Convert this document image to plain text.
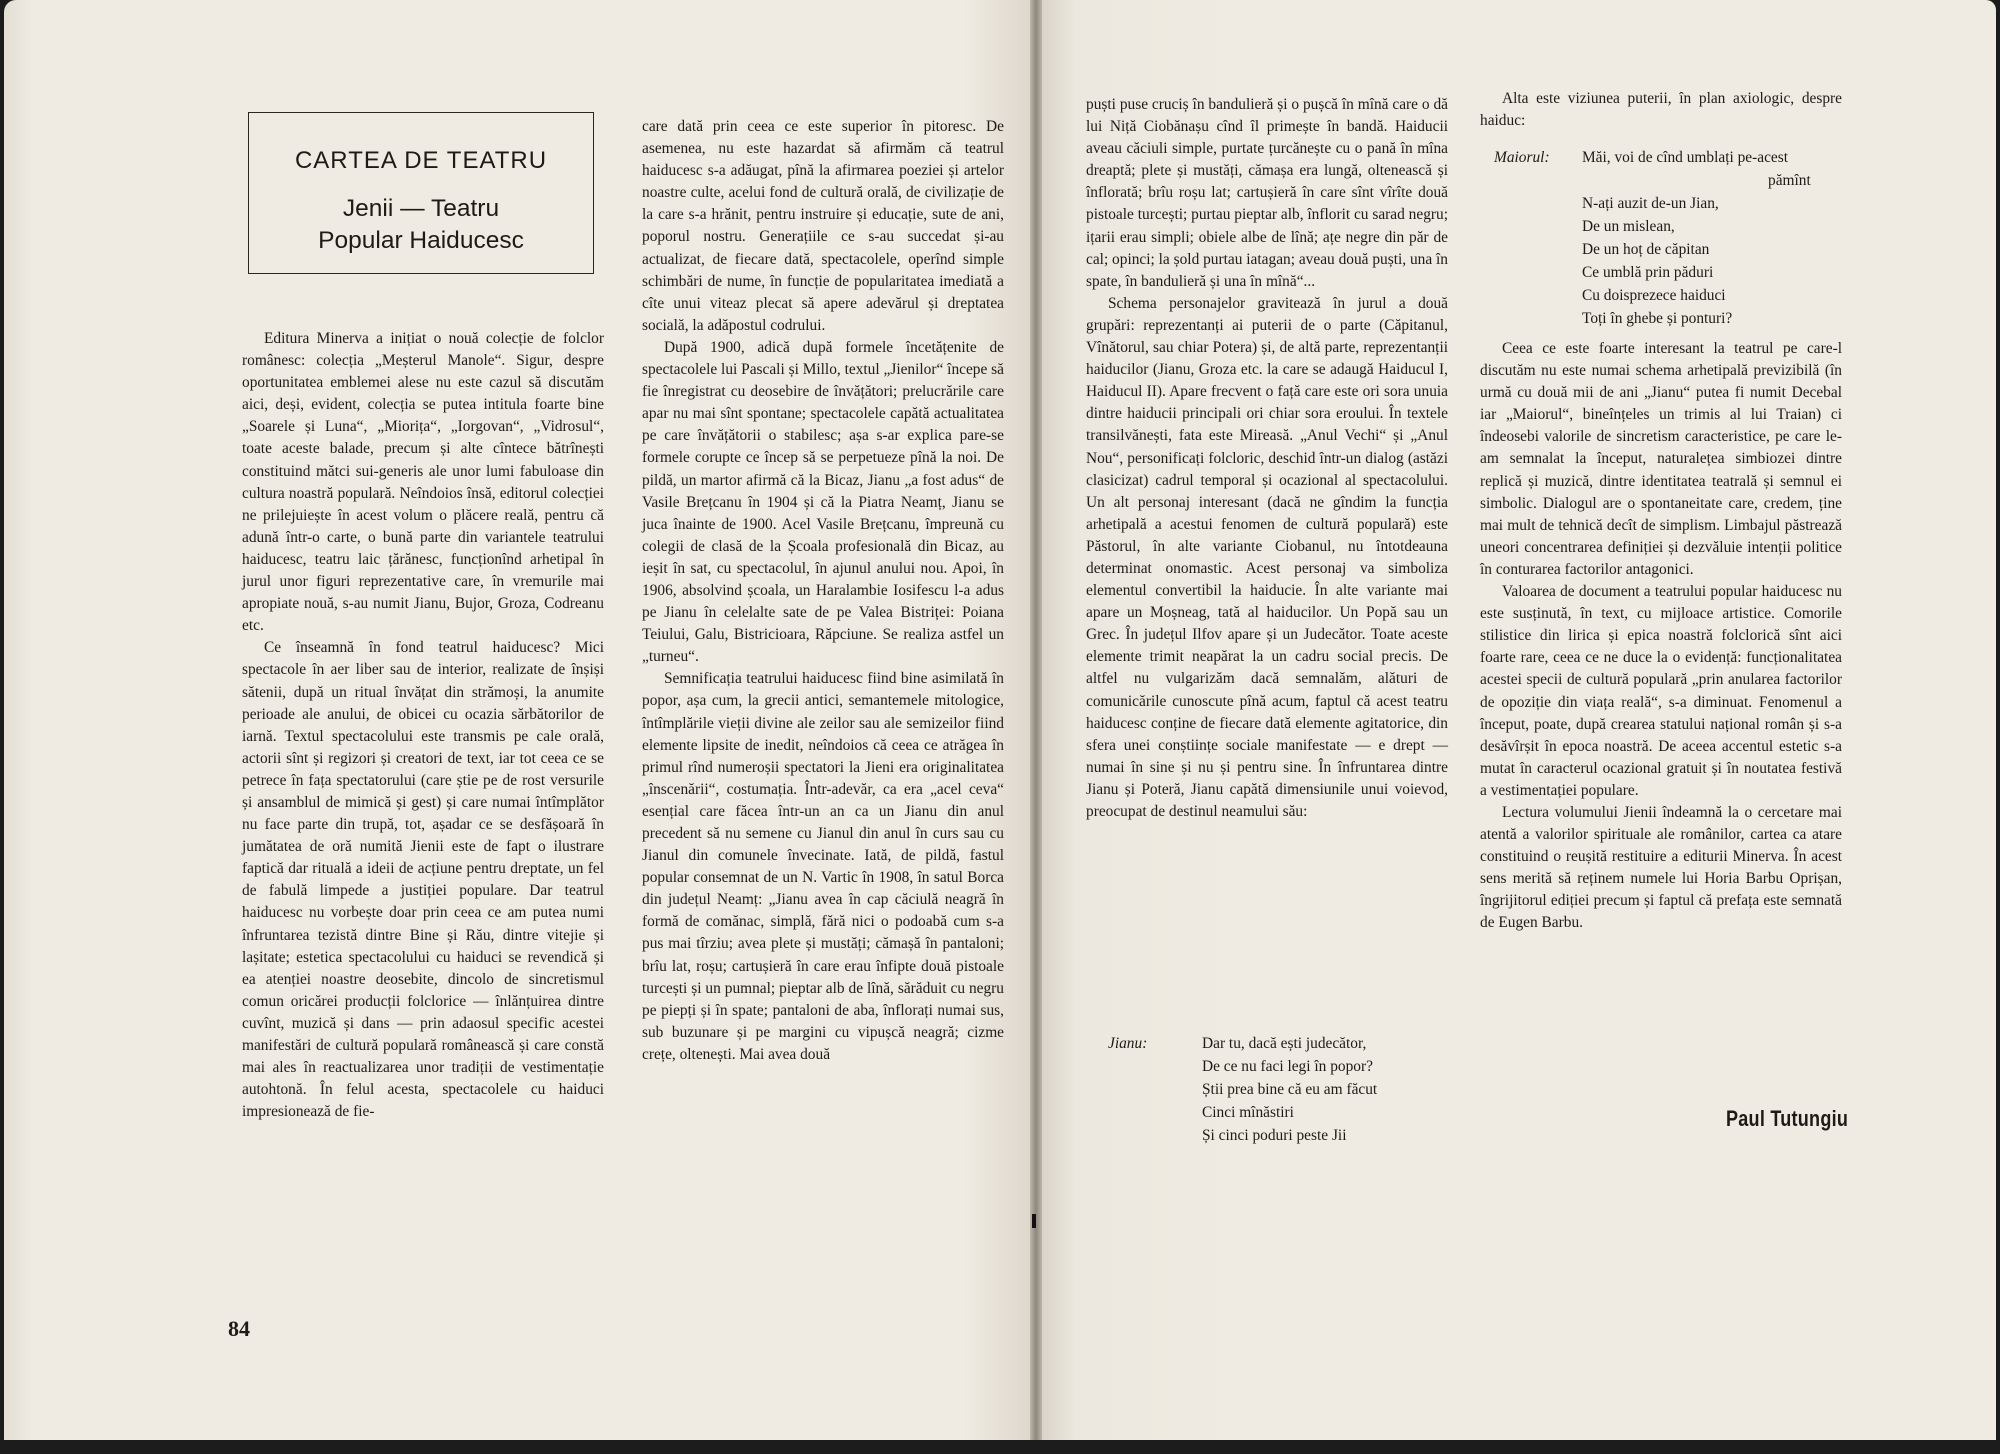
CARTEA DE TEATRU
Jenii — Teatru
Popular Haiducesc

Editura Minerva a inițiat o nouă colecție de folclor românesc: colecția „Meșterul Manole“. Sigur, despre oportunitatea emblemei alese nu este cazul să discutăm aici, deși, evident, colecția se putea intitula foarte bine „Soarele și Luna“, „Miorița“, „Iorgovan“, „Vidrosul“, toate aceste balade, precum și alte cîntece bătrînești constituind mătci sui-generis ale unor lumi fabuloase din cultura noastră populară. Neîndoios însă, editorul colecției ne prilejuiește în acest volum o plăcere reală, pentru că adună într-o carte, o bună parte din variantele teatrului haiducesc, teatru laic țărănesc, funcționînd arhetipal în jurul unor figuri reprezentative care, în vremurile mai apropiate nouă, s-au numit Jianu, Bujor, Groza, Codreanu etc.

Ce înseamnă în fond teatrul haiducesc? Mici spectacole în aer liber sau de interior, realizate de înșiși sătenii, după un ritual învățat din strămoși, la anumite perioade ale anului, de obicei cu ocazia sărbătorilor de iarnă. Textul spectacolului este transmis pe cale orală, actorii sînt și regizori și creatori de text, iar tot ceea ce se petrece în fața spectatorului (care știe pe de rost versurile și ansamblul de mimică și gest) și care numai întîmplător nu face parte din trupă, tot, așadar ce se desfășoară în jumătatea de oră numită Jienii este de fapt o ilustrare faptică dar rituală a ideii de acțiune pentru dreptate, un fel de fabulă limpede a justiției populare. Dar teatrul haiducesc nu vorbește doar prin ceea ce am putea numi înfruntarea tezistă dintre Bine și Rău, dintre vitejie și lașitate; estetica spectacolului cu haiduci se revendică și ea atenției noastre deosebite, dincolo de sincretismul comun oricărei producții folclorice — înlănțuirea dintre cuvînt, muzică și dans — prin adaosul specific acestei manifestări de cultură populară românească și care constă mai ales în reactualizarea unor tradiții de vestimentație autohtonă. În felul acesta, spectacolele cu haiduci impresionează de fie-

care dată prin ceea ce este superior în pitoresc. De asemenea, nu este hazardat să afirmăm că teatrul haiducesc s-a adăugat, pînă la afirmarea poeziei și artelor noastre culte, acelui fond de cultură orală, de civilizație de la care s-a hrănit, pentru instruire și educație, sute de ani, poporul nostru. Generațiile ce s-au succedat și-au actualizat, de fiecare dată, spectacolele, operînd simple schimbări de nume, în funcție de popularitatea imediată a cîte unui viteaz plecat să apere adevărul și dreptatea socială, la adăpostul codrului.

După 1900, adică după formele încetățenite de spectacolele lui Pascali și Millo, textul „Jienilor“ începe să fie înregistrat cu deosebire de învățători; prelucrările care apar nu mai sînt spontane; spectacolele capătă actualitatea pe care învățătorii o stabilesc; așa s-ar explica pare-se formele corupte ce încep să se perpetueze pînă la noi. De pildă, un martor afirmă că la Bicaz, Jianu „a fost adus“ de Vasile Brețcanu în 1904 și că la Piatra Neamț, Jianu se juca înainte de 1900. Acel Vasile Brețcanu, împreună cu colegii de clasă de la Școala profesională din Bicaz, au ieșit în sat, cu spectacolul, în ajunul anului nou. Apoi, în 1906, absolvind școala, un Haralambie Iosifescu l-a adus pe Jianu în celelalte sate de pe Valea Bistriței: Poiana Teiului, Galu, Bistricioara, Răpciune. Se realiza astfel un „turneu“.

Semnificația teatrului haiducesc fiind bine asimilată în popor, așa cum, la grecii antici, semantemele mitologice, întîmplările vieții divine ale zeilor sau ale semizeilor fiind elemente lipsite de inedit, neîndoios că ceea ce atrăgea în primul rînd numeroșii spectatori la Jieni era originalitatea „înscenării“, costumația. Într-adevăr, ca era „acel ceva“ esențial care făcea într-un an ca un Jianu din anul precedent să nu semene cu Jianul din anul în curs sau cu Jianul din comunele învecinate. Iată, de pildă, fastul popular consemnat de un N. Vartic în 1908, în satul Borca din județul Neamț: „Jianu avea în cap căciulă neagră în formă de comănac, simplă, fără nici o podoabă cum s-a pus mai tîrziu; avea plete și mustăți; cămașă în pantaloni; brîu lat, roșu; cartușieră în care erau înfipte două pistoale turcești și un pumnal; pieptar alb de lînă, sărăduit cu negru pe piepți și în spate; pantaloni de aba, înflorați numai sus, sub buzunare și pe margini cu vipușcă neagră; cizme crețe, oltenești. Mai avea două

84

puști puse cruciș în bandulieră și o pușcă în mînă care o dă lui Niță Ciobănașu cînd îl primește în bandă. Haiducii aveau căciuli simple, purtate țurcănește cu o pană în mîna dreaptă; plete și mustăți, cămașa era lungă, oltenească și înflorată; brîu roșu lat; cartușieră în care sînt vîrîte două pistoale turcești; purtau pieptar alb, înflorit cu sarad negru; ițarii erau simpli; obiele albe de lînă; ațe negre din păr de cal; opinci; la șold purtau iatagan; aveau două puști, una în spate, în bandulieră și una în mînă“...

Schema personajelor gravitează în jurul a două grupări: reprezentanți ai puterii de o parte (Căpitanul, Vînătorul, sau chiar Potera) și, de altă parte, reprezentanții haiducilor (Jianu, Groza etc. la care se adaugă Haiducul I, Haiducul II). Apare frecvent o față care este ori sora unuia dintre haiducii principali ori chiar sora eroului. În textele transilvănești, fata este Mireasă. „Anul Vechi“ și „Anul Nou“, personificați folcloric, deschid într-un dialog (astăzi clasicizat) cadrul temporal și ocazional al spectacolului. Un alt personaj interesant (dacă ne gîndim la funcția arhetipală a acestui fenomen de cultură populară) este Păstorul, în alte variante Ciobanul, nu întotdeauna determinat onomastic. Acest personaj va simboliza elementul convertibil la haiducie. În alte variante mai apare un Moșneag, tată al haiducilor. Un Popă sau un Grec. În județul Ilfov apare și un Judecător. Toate aceste elemente trimit neapărat la un cadru social precis. De altfel nu vulgarizăm dacă semnalăm, alături de comunicările cunoscute pînă acum, faptul că acest teatru haiducesc conține de fiecare dată elemente agitatorice, din sfera unei conștiințe sociale manifestate — e drept — numai în sine și nu și pentru sine. În înfruntarea dintre Jianu și Poteră, Jianu capătă dimensiunile unui voievod, preocupat de destinul neamului său:

Jianu:	Dar tu, dacă ești judecător,
De ce nu faci legi în popor?
Știi prea bine că eu am făcut
Cinci mînăstiri
Și cinci poduri peste Jii

Alta este viziunea puterii, în plan axiologic, despre haiduc:

Maiorul: Măi, voi de cînd umblați pe-acest
pămînt
N-ați auzit de-un Jian,
De un mislean,
De un hoț de căpitan
Ce umblă prin păduri
Cu doisprezece haiduci
Toți în ghebe și ponturi?

Ceea ce este foarte interesant la teatrul pe care-l discutăm nu este numai schema arhetipală previzibilă (în urmă cu două mii de ani „Jianu“ putea fi numit Decebal iar „Maiorul“, bineînțeles un trimis al lui Traian) ci îndeosebi valorile de sincretism caracteristice, pe care le-am semnalat la început, naturalețea simbiozei dintre replică și muzică, dintre identitatea teatrală și semnul ei simbolic. Dialogul are o spontaneitate care, credem, ține mai mult de tehnică decît de simplism. Limbajul păstrează uneori concentrarea definiției și dezvăluie intenții politice în conturarea factorilor antagonici.

Valoarea de document a teatrului popular haiducesc nu este susținută, în text, cu mijloace artistice. Comorile stilistice din lirica și epica noastră folclorică sînt aici foarte rare, ceea ce ne duce la o evidență: funcționalitatea acestei specii de cultură populară „prin anularea factorilor de opoziție din viața reală“, s-a diminuat. Fenomenul a început, poate, după crearea statului național român și s-a desăvîrșit în epoca noastră. De aceea accentul estetic s-a mutat în caracterul ocazional gratuit și în noutatea festivă a vestimentației populare.

Lectura volumului Jienii îndeamnă la o cercetare mai atentă a valorilor spirituale ale românilor, cartea ca atare constituind o reușită restituire a editurii Minerva. În acest sens merită să reținem numele lui Horia Barbu Oprișan, îngrijitorul ediției precum și faptul că prefața este semnată de Eugen Barbu.

Paul Tutungiu
